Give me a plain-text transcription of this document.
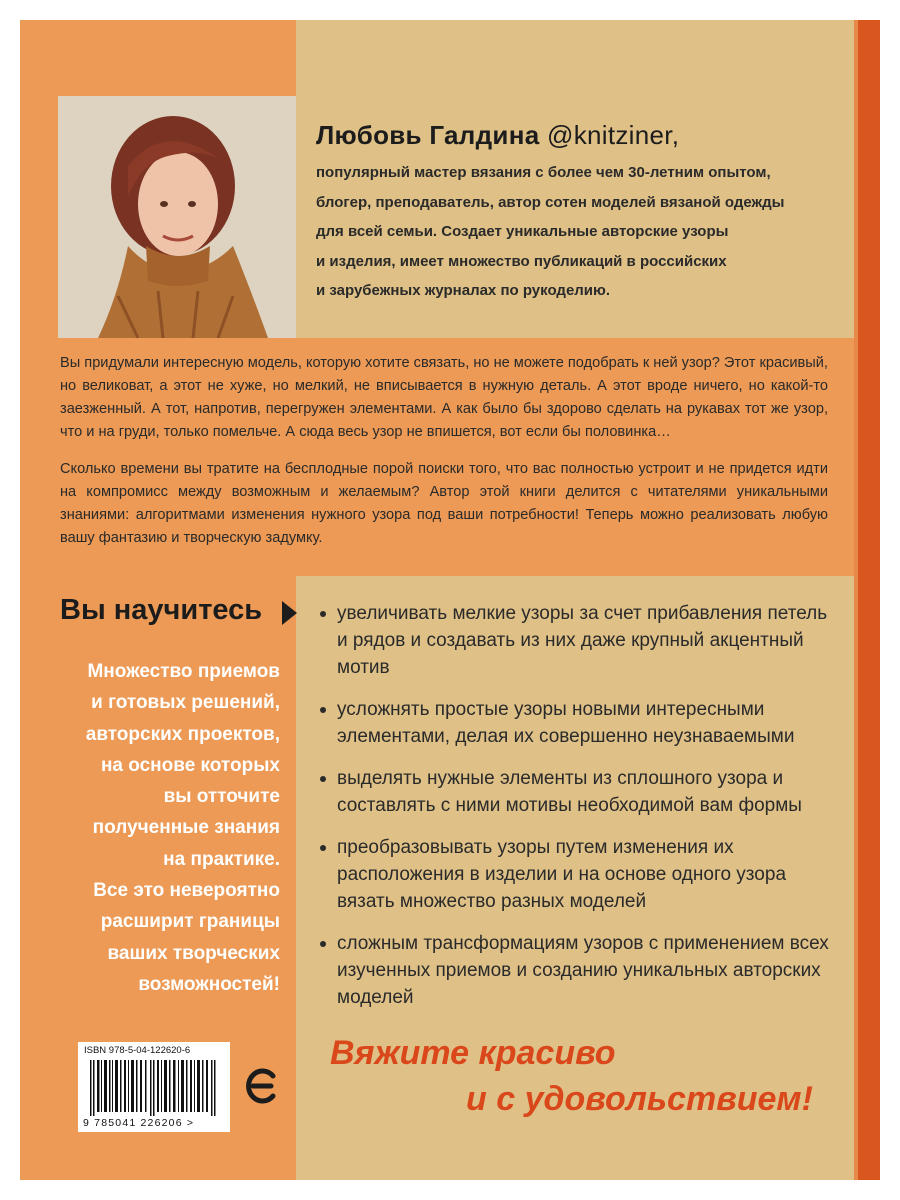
Любовь Галдина @knitziner,
популярный мастер вязания с более чем 30-летним опытом,
блогер, преподаватель, автор сотен моделей вязаной одежды
для всей семьи. Создает уникальные авторские узоры
и изделия, имеет множество публикаций в российских
и зарубежных журналах по рукоделию.

Вы придумали интересную модель, которую хотите связать, но не можете подобрать к ней узор? Этот красивый, но великоват, а этот не хуже, но мелкий, не вписывается в нужную деталь. А этот вроде ничего, но какой-то заезженный. А тот, напротив, перегружен элементами. А как было бы здорово сделать на рукавах тот же узор, что и на груди, только помельче. А сюда весь узор не впишется, вот если бы половинка…

Сколько времени вы тратите на бесплодные порой поиски того, что вас полностью устроит и не придется идти на компромисс между возможным и желаемым? Автор этой книги делится с читателями уникальными знаниями: алгоритмами изменения нужного узора под ваши потребности! Теперь можно реализовать любую вашу фантазию и творческую задумку.

Вы научитесь
Множество приемов
и готовых решений,
авторских проектов,
на основе которых
вы отточите
полученные знания
на практике.
Все это невероятно
расширит границы
ваших творческих
возможностей!
увеличивать мелкие узоры за счет прибавления петель и рядов и создавать из них даже крупный акцентный мотив
усложнять простые узоры новыми интересными элементами, делая их совершенно неузнаваемыми
выделять нужные элементы из сплошного узора и составлять с ними мотивы необходимой вам формы
преобразовывать узоры путем изменения их расположения в изделии и на основе одного узора вязать множество разных моделей
сложным трансформациям узоров с применением всех изученных приемов и созданию уникальных авторских моделей
ISBN 978-5-04-122620-6
9 785041 226206 >
Вяжите красиво
и с удовольствием!
